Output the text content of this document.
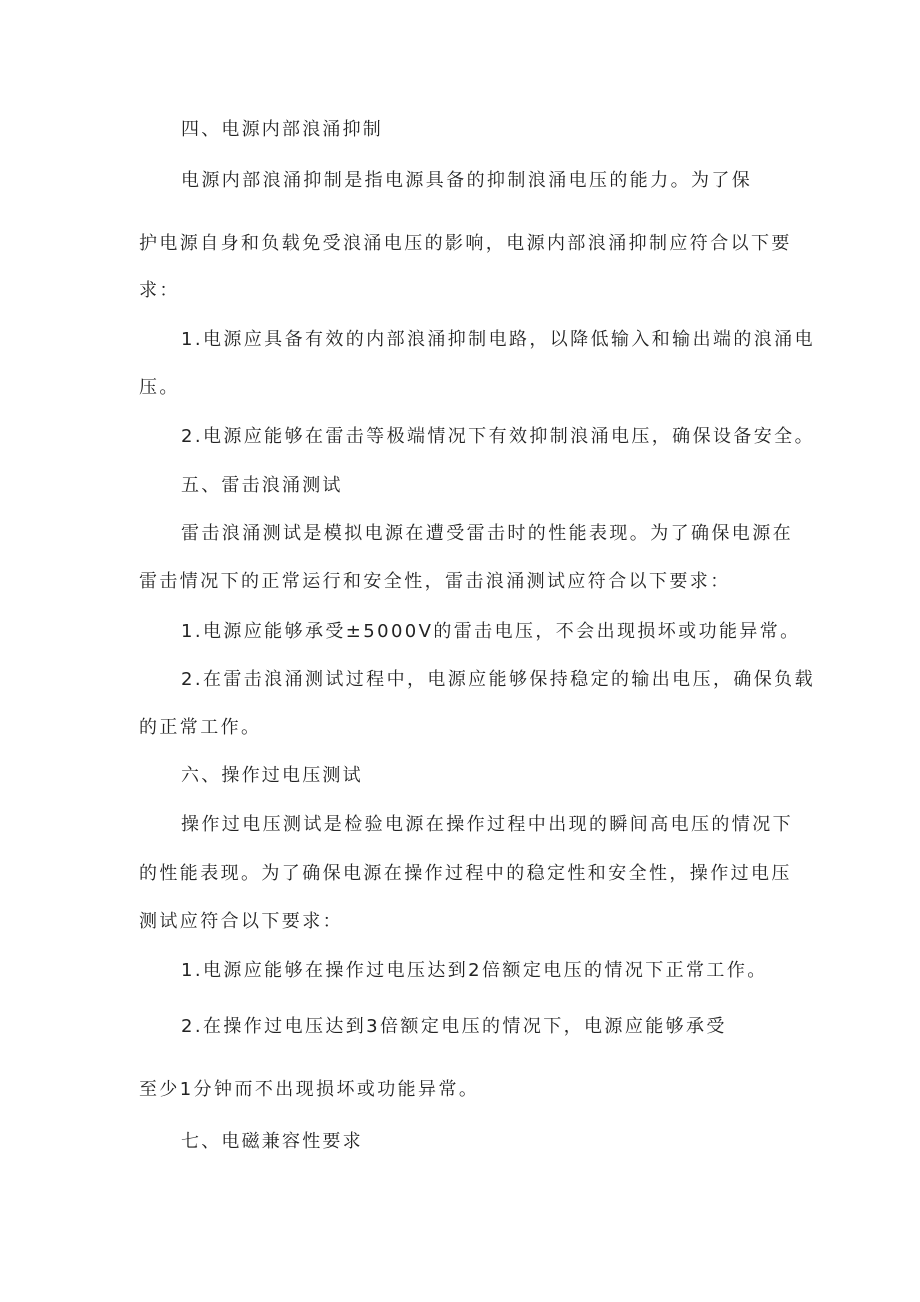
四、电源内部浪涌抑制
电源内部浪涌抑制是指电源具备的抑制浪涌电压的能力。为了保
护电源自身和负载免受浪涌电压的影响，电源内部浪涌抑制应符合以下要
求：
1.电源应具备有效的内部浪涌抑制电路，以降低输入和输出端的浪涌电
压。
2.电源应能够在雷击等极端情况下有效抑制浪涌电压，确保设备安全。
五、雷击浪涌测试
雷击浪涌测试是模拟电源在遭受雷击时的性能表现。为了确保电源在
雷击情况下的正常运行和安全性，雷击浪涌测试应符合以下要求：
1.电源应能够承受±5000V的雷击电压，不会出现损坏或功能异常。
2.在雷击浪涌测试过程中，电源应能够保持稳定的输出电压，确保负载
的正常工作。
六、操作过电压测试
操作过电压测试是检验电源在操作过程中出现的瞬间高电压的情况下
的性能表现。为了确保电源在操作过程中的稳定性和安全性，操作过电压
测试应符合以下要求：
1.电源应能够在操作过电压达到2倍额定电压的情况下正常工作。
2.在操作过电压达到3倍额定电压的情况下，电源应能够承受
至少1分钟而不出现损坏或功能异常。
七、电磁兼容性要求
